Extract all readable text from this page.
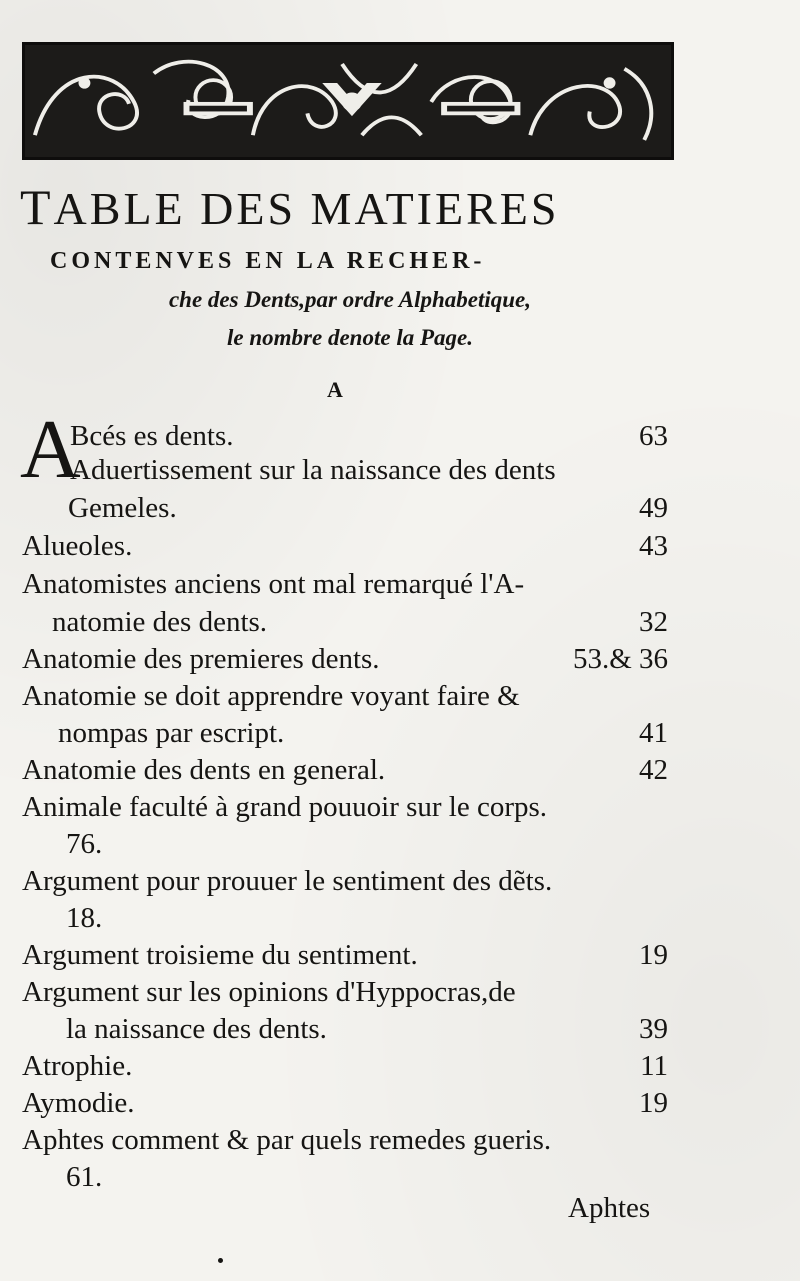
TABLE DES MATIERES
CONTENVES EN LA RECHER-
che des Dents,par ordre Alphabetique,
le nombre denote la Page.
A
A
Bcés es dents.	63
Aduertissement sur la naissance des dents
Gemeles.	49
Alueoles.	43
Anatomistes anciens ont mal remarqué l'A-
natomie des dents.	32
Anatomie des premieres dents.	53.& 36
Anatomie se doit apprendre voyant faire &
nompas par escript.	41
Anatomie des dents en general.	42
Animale faculté à grand pouuoir sur le corps.
76.
Argument pour prouuer le sentiment des dẽts.
18.
Argument troisieme du sentiment.	19
Argument sur les opinions d'Hyppocras,de
la naissance des dents.	39
Atrophie.	11
Aymodie.	19
Aphtes comment & par quels remedes gueris.
61.
Aphtes
